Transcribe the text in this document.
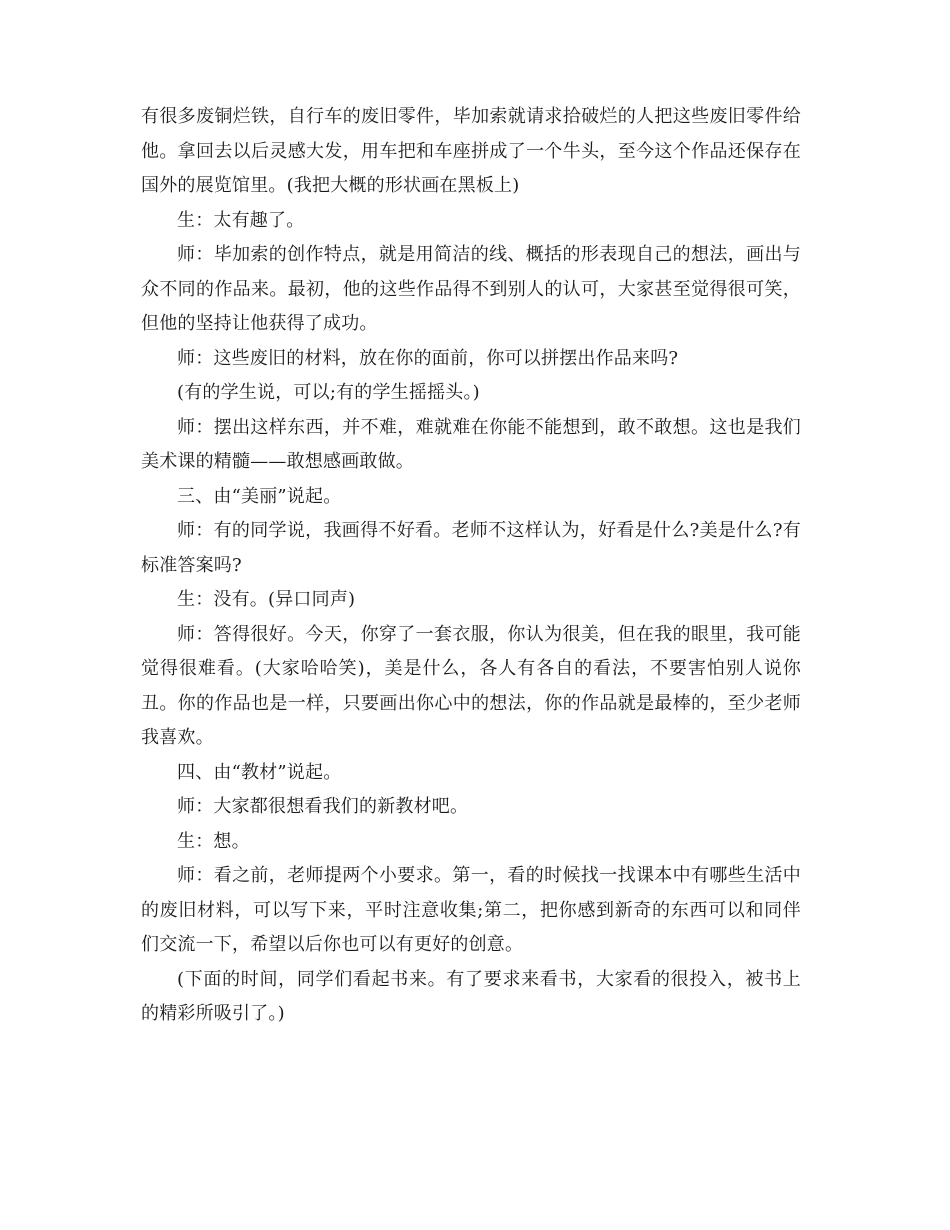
有很多废铜烂铁，自行车的废旧零件，毕加索就请求拾破烂的人把这些废旧零件给他。拿回去以后灵感大发，用车把和车座拼成了一个牛头，至今这个作品还保存在国外的展览馆里。(我把大概的形状画在黑板上)

生：太有趣了。

师：毕加索的创作特点，就是用简洁的线、概括的形表现自己的想法，画出与众不同的作品来。最初，他的这些作品得不到别人的认可，大家甚至觉得很可笑，但他的坚持让他获得了成功。

师：这些废旧的材料，放在你的面前，你可以拼摆出作品来吗?

(有的学生说，可以;有的学生摇摇头。)

师：摆出这样东西，并不难，难就难在你能不能想到，敢不敢想。这也是我们美术课的精髓——敢想感画敢做。

三、由“美丽”说起。

师：有的同学说，我画得不好看。老师不这样认为，好看是什么?美是什么?有标准答案吗?

生：没有。(异口同声)

师：答得很好。今天，你穿了一套衣服，你认为很美，但在我的眼里，我可能觉得很难看。(大家哈哈笑)，美是什么，各人有各自的看法，不要害怕别人说你丑。你的作品也是一样，只要画出你心中的想法，你的作品就是最棒的，至少老师我喜欢。

四、由“教材”说起。

师：大家都很想看我们的新教材吧。

生：想。

师：看之前，老师提两个小要求。第一，看的时候找一找课本中有哪些生活中的废旧材料，可以写下来，平时注意收集;第二，把你感到新奇的东西可以和同伴们交流一下，希望以后你也可以有更好的创意。

(下面的时间，同学们看起书来。有了要求来看书，大家看的很投入，被书上的精彩所吸引了。)
